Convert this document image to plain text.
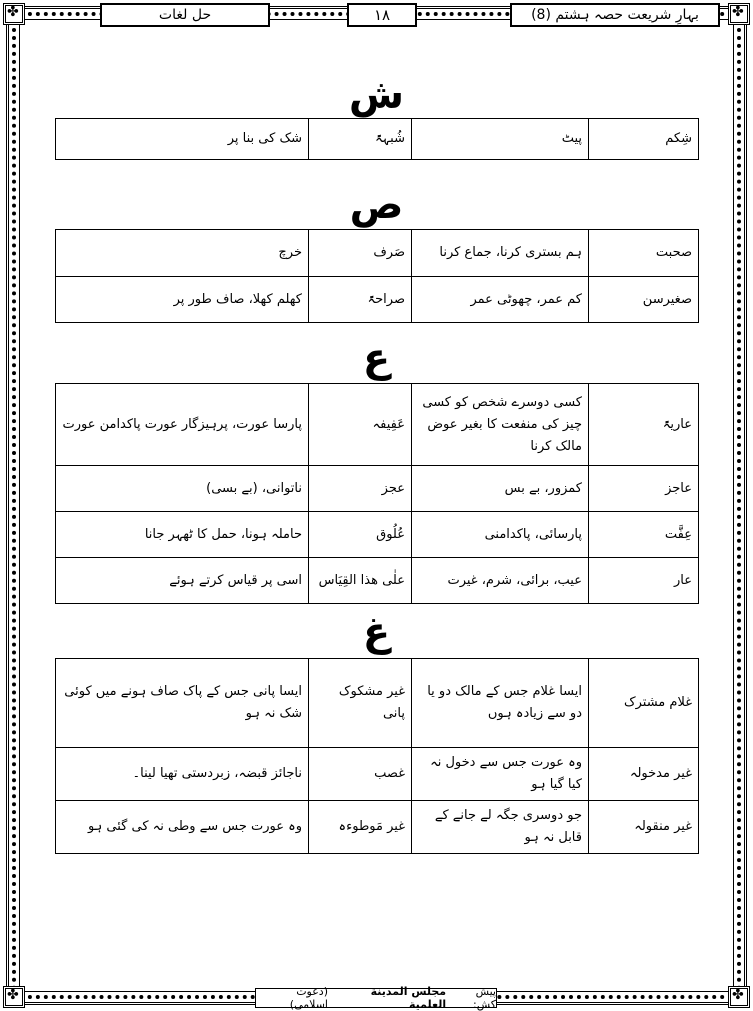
✤
✤
✤
✤
بہارِ شریعت حصہ ہشتم (8)
۱۸
حل لغات
ش
شِکم	پیٹ	شُبہۃً	شک کی بنا پر
ص
صحبت	ہم بستری کرنا، جماع کرنا	صَرف	خرچ
صغیرسن	کم عمر، چھوٹی عمر	صراحۃً	کھلم کھلا، صاف طور پر
ع
عاریۃً	کسی دوسرے شخص کو کسی چیز کی منفعت کا بغیر عوض مالک کرنا	عَفِیفہ	پارسا عورت، پرہیزگار عورت پاکدامن عورت
عاجز	کمزور، بے بس	عجز	ناتوانی، (بے بسی)
عِفَّت	پارسائی، پاکدامنی	عُلُوق	حاملہ ہونا، حمل کا ٹھہر جانا
عار	عیب، برائی، شرم، غیرت	علٰی ھذا القِیَاس	اسی پر قیاس کرتے ہوئے
غ
غلام مشترک	ایسا غلام جس کے مالک دو یا دو سے زیادہ ہوں	غیر مشکوک پانی	ایسا پانی جس کے پاک صاف ہونے میں کوئی شک نہ ہو
غیر مدخولہ	وہ عورت جس سے دخول نہ کیا گیا ہو	غصب	ناجائز قبضہ، زبردستی تھیا لینا۔
غیر منقولہ	جو دوسری جگہ لے جانے کے قابل نہ ہو	غیر مَوطوءہ	وہ عورت جس سے وطی نہ کی گئی ہو
پیش کش:
مجلس المدينة العلمية
(دعوت اسلامی)
